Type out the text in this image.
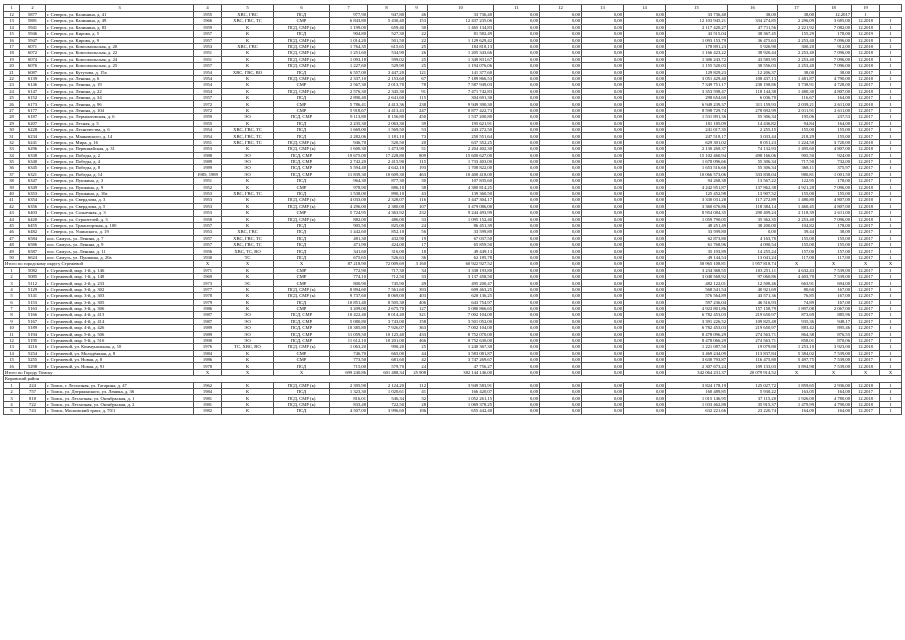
1	2	3	4	5	6	7	8	9	10	11	12	13	14	15	16	17	18	19	
12	5877	г. Северск, ул. Калинина, д. 41	1955	ХВС, ГВС	ПСД	977,90	947,80	46	33 736,40	0,00	0,00	0,00	0,00	33 736,40	38,00	38,00	12.2017	1	
13	5881	г. Северск, ул. Калинина, д. 49	1966	ХВС, ГВС, ТС	СМР	6 843,80	5 430,40	153	12 437 235,06	0,00	0,00	0,00	0,00	12 103 945,21	334 274,85	2 296,09	3 685,00	12.2018	1
14	5941	г. Северск, ул. Калинина, д. 83	1959	К	ПСД, СМР (к)	1 199,00	659,40	30	1 465 134,83	0,00	0,00	0,00	0,00	2 117 420,27	47 711,56	2 221,92	7 082,00	12.2018	1
15	5946	г. Северск, ул. Кирова, д. 5	1957	К	ПСД	904,80	527,30	22	81 582,49	0,00	0,00	0,00	0,00	43 515,04	38 367,45	155,29	178,00	12.2019	1
16	5947	г. Северск, ул. Кирова, д. 9	1957	К	ПСД, СМР (к)	1 014,20	501,50	22	1 129 629,42	0,00	0,00	0,00	0,00	1 093 153,79	36 475,63	2 253,40	7 096,00	12.2018	1
17	6071	г. Северск, ул. Комсомольская, д. 20	1953	ХВС, ГВС	ПСД, СМР (к)	1 764,35	615,65	25	184 818,13	0,00	0,00	0,00	0,00	178 891,23	5 926,90	300,20	912,00	12.2018	1
18	6072	г. Северск, ул. Комсомольская, д. 22	1951	К	ПСД, СМР (к)	1 251,60	534,90	26	1 205 343,66	0,00	0,00	0,00	0,00	1 166 423,22	38 920,44	2 253,40	7 096,00	12.2018	1
19	6074	г. Северск, ул. Комсомольская, д. 24	1951	К	ПСД, СМР (к)	1 093,18	599,02	25	1 349 831,67	0,00	0,00	0,00	0,00	1 306 243,72	43 585,95	2 253,40	7 096,00	12.2018	1
20	6076	г. Северск, ул. Комсомольская, д. 25	1957	К	ПСД, СМР (к)	1 227,60	529,90	25	1 194 076,06	0,00	0,00	0,00	0,00	1 155 520,03	38 556,03	2 253,40	7 096,00	12.2018	1
21	6087	г. Северск, ул. Кутузова, д. 15а	1954	ХВС, ГВС, ВО	ПСД	6 557,00	3 447,20	121	141 377,60	0,00	0,00	0,00	0,00	129 829,23	12 206,37	38,00	38,00	12.2017	1
22	6139	г. Северск, ул. Ленина, д. 6	1954	К	ПСД, СМР (к)	2 337,10	2 153,60	67	7 189 866,53	0,00	0,00	0,00	0,00	3 051 429,40	108 437,13	1 481,87	4 790,00	12.2018	1
23	6146	г. Северск, ул. Ленина, д. 19	1954	К	СМР	2 567,30	2 013,70	78	7 587 949,03	0,00	0,00	0,00	0,00	7 349 751,17	238 198,86	3 738,91	4 728,00	12.2017	1
24	6147	г. Северск, ул. Ленина, д. 22	1954	К	ПСД, СМР (к)	2 576,30	2 345,30	91	7 471 742,83	0,00	0,00	0,00	0,00	3 353 598,47	118 144,38	1 480,30	4 807,00	12.2018	1
25	6152	г. Северск, ул. Ленина, д. 34	1957	К	ПСД	2 890,40	2 641,60	115	304 691,30	0,00	0,00	0,00	0,00	298 654,60	6 036,70	116,67	164,00	12.2017	1
26	6173	г. Северск, ул. Ленина, д. 96	1972	К	СМР	5 786,41	4 413,36	238	9 949 390,30	0,00	0,00	0,00	0,00	6 949 239,37	311 159,93	2 039,21	2 611,00	12.2018	1
27	6177	г. Северск, ул. Ленина, д. 104	1972	К	СМР	5 918,67	4 413,43	247	8 877 422,73	0,00	0,00	0,00	0,00	8 598 729,74	278 692,99	2 011,91	2 611,00	12.2017	1
28	6187	г. Северск, ул. Лермонтовская, д. 6	1959	ЭО	ПСД, СМР	9 113,80	8 156,80	450	1 537 200,80	0,00	0,00	0,00	0,00	1 531 891,36	55 306,34	195,06	237,53	12.2017	1
29	6207	г. Северск, ул. Лесная, д. 5	1955	К	ПСД	2 235,30	2 063,30	39	195 621,91	0,00	0,00	0,00	0,00	181 185,09	14 436,82	94,84	164,00	12.2017	1
30	6228	г. Северск, ул. Лесничества, д. 6	1954	ХВС, ГВС, ТС	ПСД	1 669,00	1 569,50	53	243 272,50	0,00	0,00	0,00	0,00	241 017,35	2 255,15	155,00	155,00	12.2017	1
31	6234	г. Северск, ул. Маяковского, д. 14	1954	ХВС, ГВС, ТС	ПСД	2 282,06	1 181,10	73	250 551,64	0,00	0,00	0,00	0,00	247 518,17	3 033,44	218,29	155,00	12.2017	1
32	6241	г. Северск, ул. Мира, д. 16	1951	ХВС, ГВС, ТС	ПСД, СМР (к)	946,70	520,50	20	637 352,25	0,00	0,00	0,00	0,00	629 301,02	8 051,23	1 224,50	3 720,00	12.2018	1
33	6296	г. Северск, ул. Первомайская, д. 31	1953	К	ПСД, СМР (к)	1 600,30	1 473,90	51	2 204 402,30	0,00	0,00	0,00	0,00	2 130 269,37	74 132,93	1 495,60	4 807,00	12.2018	1
34	6338	г. Северск, ул. Победы, д. 2	1988	ЭО	ПСД, СМР	19 675,00	17 228,80	809	15 600 627,00	0,00	0,00	0,00	0,00	15 102 460,94	498 166,06	905,50	924,00	12.2017	1
35	6340	г. Северск, ул. Победы, д. 4	1989	ЭО	ПСД, СМР	2 742,20	2 415,90	115	1 733 403,00	0,00	0,00	0,00	0,00	1 678 096,66	55 306,34	717,50	732,00	12.2017	1
36	6345	г. Северск, ул. Победы, д. 8	1989	ЭО	ПСД, СМР	5 594,40	4 642,10	193	1 708 822,00	0,00	0,00	0,00	0,00	1 653 516,66	55 306,34	368,11	375,97	12.2017	1
37	6321	г. Северск, ул. Победы, д. 14	1985; 1989	ЭО	ПСД, СМР	11 839,30	10 609,30	463	10 400 418,00	0,00	0,00	0,00	0,00	10 066 573,06	333 838,04	980,81	1 001,50	12.2017	1
38	6347	г. Северск, ул. Пушкина, д. 3	1951	К	ПСД	964,30	877,30	30	107 835,60	0,00	0,00	0,00	0,00	94 268,38	13 567,22	122,95	178,00	12.2017	1
39	6349	г. Северск, ул. Пушкина, д. 9	1952	К	СМР	978,90	886,10	38	4 380 814,25	0,00	0,00	0,00	0,00	4 242 951,87	137 862,38	4 921,28	7 096,00	12.2018	1
40	6353	г. Северск, ул. Пушкина, д. 10а	1953	ХВС, ГВС, ТС	ПСД	1 538,00	890,10	43	139 360,50	0,00	0,00	0,00	0,00	125 452,98	13 907,52	155,00	155,00	12.2017	1
41	6354	г. Северск, ул. Свердлова, д. 3	1953	К	ПСД, СМР (к)	4 033,00	2 328,07	116	3 447 304,17	0,00	0,00	0,00	0,00	3 330 031,28	117 272,89	1 480,80	4 807,00	12.2018	1
42	6356	г. Северск, ул. Свердлова, д. 5	1953	К	ПСД, СМР (к)	4 296,00	2 380,00	107	3 479 086,00	0,00	0,00	0,00	0,00	3 360 676,86	118 384,14	1 460,45	4 807,00	12.2018	1
43	6403	г. Северск, ул. Солнечная, д. 3	1953	К	СМР	5 724,95	4 363,92	232	9 244 493,99	0,00	0,00	0,00	0,00	8 954 084,35	290 409,24	2 118,39	2 611,00	12.2017	1
44	6420	г. Северск, ул. Строителей, д. 3	1958	К	ПСД, СМР (к)	882,00	486,00	33	1 095 152,40	0,00	0,00	0,00	0,00	1 059 790,05	35 362,35	2 253,40	7 096,00	12.2018	1
45	6455	г. Северск, ул. Транспортная, д. 100	1957	К	ПСД	905,50	825,00	24	86 451,39	0,00	0,00	0,00	0,00	48 251,49	38 200,00	104,82	178,00	12.2017	1
46	6482	г. Северск, ул. Ушинского, д. 19	1953	ХВС, ГВС	ПСД	1 442,60	852,10	56	33 599,80	0,00	0,00	0,00	0,00	33 599,80	0,00	39,44	38,00	12.2017	1
47	6584	пос. Самусь, ул. Ленина, д. 7	1957	ХВС, ГВС, ТС	ПСД	481,30	432,90	19	67 037,50	0,00	0,00	0,00	0,00	62 873,80	4 163,70	155,00	155,00	12.2017	1
48	6586	пос. Самусь, ул. Ленина, д. 9	1957	ХВС, ГВС, ТС	ПСД	471,90	424,00	17	65 859,50	0,00	0,00	0,00	0,00	61 768,96	4 090,54	155,00	155,00	12.2017	1
49	6587	пос. Самусь, ул. Ленина, д. 11	1956	ХВС, ТС, ВО	ПСД	341,60	316,00	18	49 449,13	0,00	0,00	0,00	0,00	35 193,89	14 255,24	157,00	157,00	12.2017	1
50	6624	пос. Самусь, ул. Пушкина, д. 20а	1930	ТС	ПСД	675,65	526,63	36	62 185,78	0,00	0,00	0,00	0,00	49 144,54	13 041,24	117,00	117,00	12.2017	1
Итого по городскому округу Стрежевой			Х	Х	Х	87 218,90	72 009,69	3 160	60 922 927,52	0,00	0,00	0,00	0,00	58 965 108,81	1 957 818,74	Х	Х	Х	Х
1	5082	г. Стрежевой, мкр. 1-й, д. 146	1971	К	СМР	772,90	717,30	34	3 338 193,80	0,00	0,00	0,00	0,00	3 234 368,55	103 251,11	4 632,43	7 539,00	12.2017	1
2	5085	г. Стрежевой, мкр. 1-й, д. 148	1969	К	СМР	774,10	712,50	33	3 137 458,50	0,00	0,00	0,00	0,00	3 040 568,92	97 060,86	4 403,70	7 539,00	12.2017	1
3	5112	г. Стрежевой, мкр. 2-й, д. 233	1973	ЭС	СМР	800,90	745,90	49	495 200,47	0,00	0,00	0,00	0,00	482 122,01	12 508,46	663,91	694,00	12.2017	1
4	5129	г. Стрежевой, мкр. 3-й, д. 302	1977	К	ПСД, СМР (к)	8 894,60	7 561,60	393	609 463,25	0,00	0,00	0,00	0,00	568 541,54	40 921,69	80,60	167,00	12.2017	1
5	5141	г. Стрежевой, мкр. 3-й, д. 303	1978	К	ПСД, СМР (к)	9 737,60	8 069,00	403	620 136,25	0,00	0,00	0,00	0,00	576 564,89	43 571,36	76,85	167,00	12.2017	1
6	5153	г. Стрежевой, мкр. 3-й, д. 305	1979	К	ПСД	10 851,40	8 505,30	406	643 754,97	0,00	0,00	0,00	0,00	597 236,04	46 516,93	74,89	167,00	12.2017	1
7	5163	г. Стрежевой, мкр. 3-й, д. 306	1986	К	СМР	3 209,00	2 675,70	127	5 080 866,65	0,00	0,00	0,00	0,00	4 923 801,86	157 158,79	1 897,08	2 067,00	12.2017	1
8	5166	г. Стрежевой, мкр. 4-й, д. 413	1987	ЭО	ПСД, СМР	10 422,40	8 014,40	321	7 002 104,00	0,00	0,00	0,00	0,00	6 782 453,03	219 650,97	873,69	885,96	12.2017	1
9	5167	г. Стрежевой, мкр. 4-й, д. 414	1987	ЭО	ПСД, СМР	5 080,80	3 743,00	158	3 501 052,00	0,00	0,00	0,00	0,00	3 391 226,52	109 825,48	935,36	948,17	12.2017	1
10	5189	г. Стрежевой, мкр. 4-й, д. 426	1989	ЭО	ПСД, СМР	10 385,80	7 926,07	363	7 002 104,00	0,00	0,00	0,00	0,00	6 782 453,03	219 650,97	883,42	895,46	12.2017	1
11	5194	г. Стрежевой, мкр. 5-й, д. 506	1989	ЭО	ПСД, СМР	11 059,50	10 125,40	433	8 752 070,00	0,00	0,00	0,00	0,00	8 478 096,29	274 563,71	864,38	876,55	12.2017	1
12	5195	г. Стрежевой, мкр. 5-й, д. 516	1990	ЭО	ПСД, СМР	11 612,10	10 201,00	466	8 752 630,00	0,00	0,00	0,00	0,00	8 478 066,29	274 563,71	858,01	870,06	12.2017	1
13	3216	г. Стрежевой, ул. Коммунальная, д. 10	1976	ТС, ХВС, ВО	ПСД, СМР (к)	1 063,20	990,20	25	1 240 367,30	0,00	0,00	0,00	0,00	1 221 087,50	19 079,80	1 253,10	3 923,00	12.2018	1
14	5254	г. Стрежевой, ул. Молодёжная, д. 8	1984	К	СМР	746,70	665,00	44	3 583 081,87	0,00	0,00	0,00	0,00	3 469 244,09	113 837,84	5 384,02	7 539,00	12.2017	1
15	5255	г. Стрежевой, ул. Новая, д. 8	1986	К	СМР	773,50	681,60	42	3 747 269,67	0,00	0,00	0,00	0,00	3 630 793,87	116 475,80	5 497,75	7 539,00	12.2017	1
16	5298	г. Стрежевой, ул. Новая, д. 91	1978	К	ПСД	715,00	579,70	24	47 756,27	0,00	0,00	0,00	0,00	2 307 673,24	109 133,03	3 894,98	7 539,00	12.2018	1
Итого по Городу Томску			Х	Х	Х	699 240,86	601 488,34	25 908	382 144 146,00	0,00	0,00	0,00	0,00	342 064 231,37	20 079 914,52	Х	Х	Х	Х
Кировский район																			
1	224	г. Томск, г. Лесхозная, ул. Гагарина, д. 47	1962	К	ПСД, СМР (к)	2 395,90	2 124,20	112	3 949 583,91	0,00	0,00	0,00	0,00	3 824 178,19	125 027,72	1 859,65	2 936,00	12.2018	1
2	757	г. Томск, ул. Дзержинского, ул. Леника, д. 36	1984	К	ПСД	1 323,30	1 020,61	41	166 420,07	0,00	0,00	0,00	0,00	160 489,85	5 930,22	163,05	164,00	12.2017	1
3	818	г. Томск, ул. Лесхозная, ул. Октябрьская, д. 1	1981	К	ПСД, СМР (к)	816,01	546,34	32	1 052 261,15	0,00	0,00	0,00	0,00	1 015 146,95	37 115,20	1 926,00	4 780,00	12.2018	1
4	722	г. Томск, ул. Лесхозная, ул. Октябрьская, д. 2	1981	К	ПСД, СМР (к)	833,48	722,50	28	1 069 378,25	0,00	0,00	0,00	0,00	1 033 462,88	35 915,37	1 479,99	4 790,00	12.2018	1
5	743	г. Томск, Московский тракт, д. 70/1	1982	К	ПСД	4 507,00	3 996,60	186	655 442,40	0,00	0,00	0,00	0,00	632 221,66	23 220,74	164,00	164,00	12.2017	1
